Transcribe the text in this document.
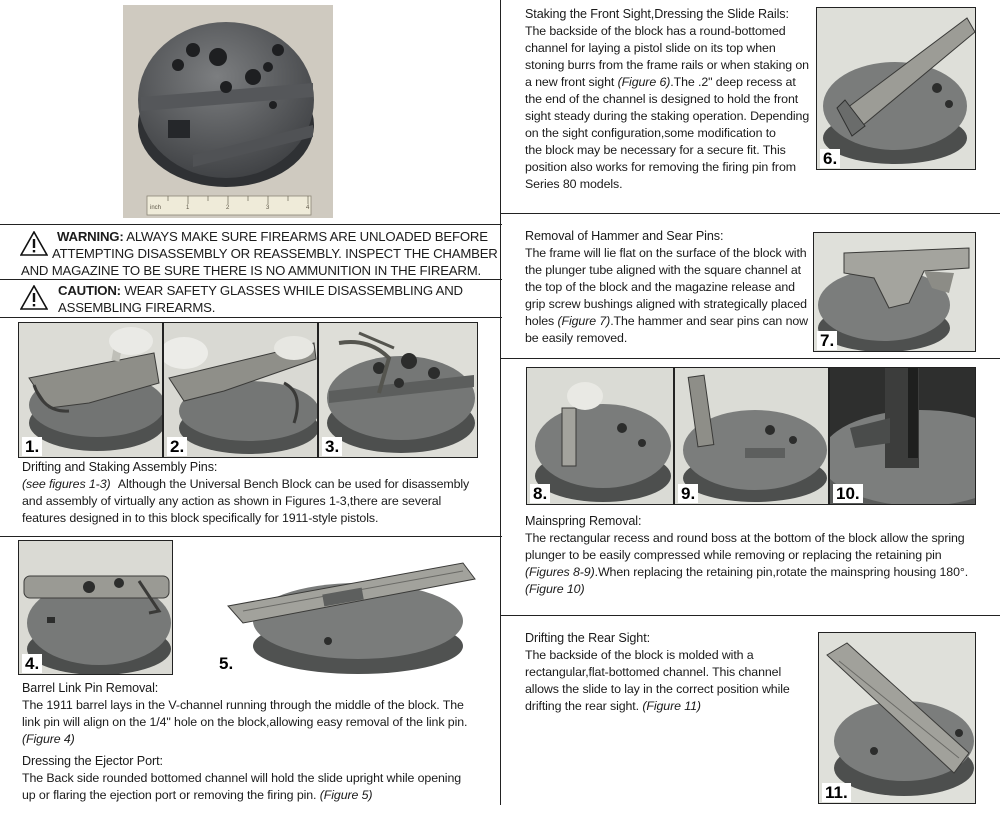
inch	1	2	3	4
WARNING: ALWAYS MAKE SURE FIREARMS ARE UNLOADED BEFORE
ATTEMPTING DISASSEMBLY OR REASSEMBLY. INSPECT THE CHAMBER
AND MAGAZINE TO BE SURE THERE IS NO AMMUNITION IN THE FIREARM.
CAUTION: WEAR SAFETY GLASSES WHILE DISASSEMBLING AND
ASSEMBLING FIREARMS.
1.	2.	3.
Drifting and Staking Assembly Pins:
(see figures 1-3) Although the Universal Bench Block can be used for disassembly
and assembly of virtually any action as shown in Figures 1-3,there are several
features designed in to this block specifically for 1911-style pistols.
4.	5.
Barrel Link Pin Removal:
The 1911 barrel lays in the V-channel running through the middle of the block. The
link pin will align on the 1/4" hole on the block,allowing easy removal of the link pin.
(Figure 4)
Dressing the Ejector Port:
The Back side rounded bottomed channel will hold the slide upright while opening
up or flaring the ejection port or removing the firing pin. (Figure 5)
Staking the Front Sight,Dressing the Slide Rails:
The backside of the block has a round-bottomed
channel for laying a pistol slide on its top when
stoning burrs from the frame rails or when staking on
a new front sight (Figure 6).The .2" deep recess at
the end of the channel is designed to hold the front
sight steady during the staking operation. Depending
on the sight configuration,some modification to
the block may be necessary for a secure fit. This
position also works for removing the firing pin from
Series 80 models.
6.
Removal of Hammer and Sear Pins:
The frame will lie flat on the surface of the block with
the plunger tube aligned with the square channel at
the top of the block and the magazine release and
grip screw bushings aligned with strategically placed
holes (Figure 7).The hammer and sear pins can now
be easily removed.	7.
8.	9.	10.
Mainspring Removal:
The rectangular recess and round boss at the bottom of the block allow the spring
plunger to be easily compressed while removing or replacing the retaining pin
(Figures 8-9).When replacing the retaining pin,rotate the mainspring housing 180°.
(Figure 10)
Drifting the Rear Sight:
The backside of the block is molded with a
rectangular,flat-bottomed channel. This channel
allows the slide to lay in the correct position while
drifting the rear sight. (Figure 11)
11.
